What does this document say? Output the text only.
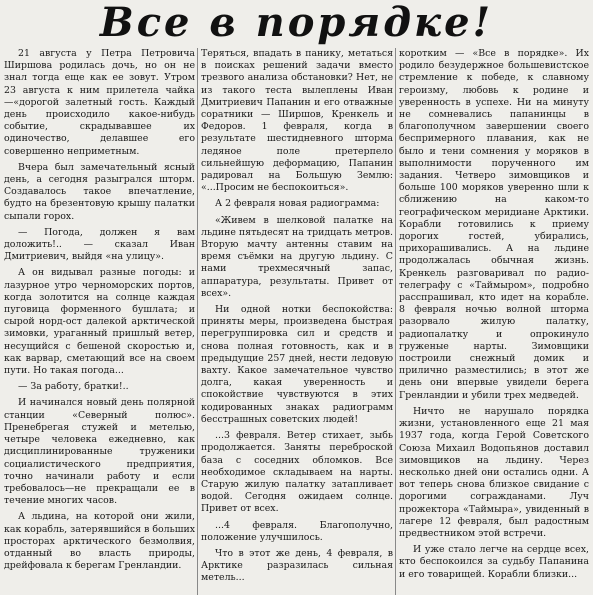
Все в порядке!

21 августа у Петра Петровича Ширшова родилась дочь, но он не знал тогда еще как ее зовут. Утром 23 августа к ним прилетела чайка—«дорогой залетный гость. Каждый день происходило какое-нибудь событие, скрадывавшее их одиночество, делавшее его совершенно неприметным.

Вчера был замечательный ясный день, а сегодня разыгрался шторм. Создавалось такое впечатление, будто на брезентовую крышу палатки сыпали горох.

— Погода, должен я вам доложить!.. — сказал Иван Дмитриевич, выйдя «на улицу».

А он видывал разные погоды: и лазурное утро черноморских портов, когда золотится на солнце каждая пуговица форменного бушлата; и сырой норд-ост далекой арктической зимовки, ураганный пришлый ветер, несущийся с бешеной скоростью и, как варвар, сметающий все на своем пути. Но такая погода...

— За работу, братки!..

И начинался новый день полярной станции «Северный полюс». Пренебрегая стужей и метелью, четыре человека ежедневно, как дисциплинированные труженики социалистического предприятия, точно начинали работу и если требовалось—не прекращали ее в течение многих часов.

А льдина, на которой они жили, как корабль, затерявшийся в больших просторах арктического безмолвия, отданный во власть природы, дрейфовала к берегам Гренландии.

Теряться, впадать в панику, метаться в поисках решений задачи вместо трезвого анализа обстановки? Нет, не из такого теста вылеплены Иван Дмитриевич Папанин и его отважные соратники — Ширшов, Кренкель и Федоров. 1 февраля, когда в результате шестидневного шторма ледяное поле претерпело сильнейшую деформацию, Папанин радировал на Большую Землю: «...Просим не беспокоиться».

А 2 февраля новая радиограмма:

«Живем в шелковой палатке на льдине пятьдесят на тридцать метров. Вторую мачту антенны ставим на время съёмки на другую льдину. С нами трехмесячный запас, аппаратура, результаты. Привет от всех».

Ни одной нотки беспокойства: приняты меры, произведена быстрая перегруппировка сил и средств и снова полная готовность, как и в предыдущие 257 дней, нести ледовую вахту. Какое замечательное чувство долга, какая уверенность и спокойствие чувствуются в этих кодированных знаках радиограмм бесстрашных советских людей!

...3 февраля. Ветер стихает, зыбь продолжается. Заняты переброской база с соседних обломков. Все необходимое складываем на нарты. Старую жилую палатку затапливает водой. Сегодня ожидаем солнце. Привет от всех.

...4 февраля. Благополучно, положение улучшилось.

Что в этот же день, 4 февраля, в Арктике разразилась сильная метель...

коротким — «Все в порядке». Их родило безудержное большевистское стремление к победе, к славному героизму, любовь к родине и уверенность в успехе. Ни на минуту не сомневались папанинцы в благополучном завершении своего беспримерного плавания, как не было и тени сомнения у моряков в выполнимости порученного им задания. Четверо зимовщиков и больше 100 моряков уверенно шли к сближению на каком-то географическом меридиане Арктики. Корабли готовились к приему дорогих гостей, убирались, прихорашивались. А на льдине продолжалась обычная жизнь. Кренкель разговаривал по радио-телеграфу с «Таймыром», подробно расспрашивал, кто идет на корабле. 8 февраля ночью волной шторма разорвало жилую палатку, радиопалатку и опрокинуло груженые нарты. Зимовщики построили снежный домик и прилично разместились; в этот же день они впервые увидели берега Гренландии и убили трех медведей.

Ничто не нарушало порядка жизни, установленного еще 21 мая 1937 года, когда Герой Советского Союза Михаил Водопьянов доставил зимовщиков на льдину. Через несколько дней они остались одни. А вот теперь снова близкое свидание с дорогими согражданами. Луч прожектора «Таймыра», увиденный в лагере 12 февраля, был радостным предвестником этой встречи.

И уже стало легче на сердце всех, кто беспокоился за судьбу Папанина и его товарищей. Корабли близки...
